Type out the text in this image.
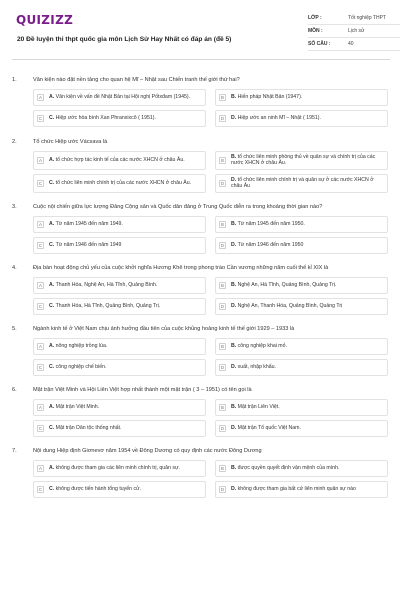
QUIZIZZ
20 Đề luyện thi thpt quốc gia môn Lịch Sử Hay Nhất có đáp án (đề 5)
LỚP :	Tốt nghiệp THPT
MÔN :	Lịch sử
SỐ CÂU :	40
1.	Văn kiện nào đặt nền tảng cho quan hệ Mĩ – Nhật sau Chiến tranh thế giới thứ hai?
A	A. Văn kiện về vấn đề Nhật Bản tại Hội nghị Pốtxđam (1945).	B	B. Hiến pháp Nhật Bản (1947).
C	C. Hiệp ước hòa bình Xan Phranxixcô ( 1951).	D	D. Hiệp ước an ninh Mĩ – Nhật ( 1951).
2.	Tổ chức Hiệp ước Vácsava là
A	A. tổ chức hợp tác kinh tế của các nước XHCN ở châu Âu.	B
B. tổ chức liên minh phòng thủ về quân sự và chính trị của các nước XHCN ở châu Âu.
C	C. tổ chức liên minh chính trị của các nước XHCN ở châu Âu.	D
D. tổ chức liên minh chính trị và quân sự ở các nước XHCN ở châu Âu
3.	Cuộc nội chiến giữa lực lượng Đảng Cộng sản và Quốc dân đảng ở Trung Quốc diễn ra trong khoảng thời gian nào?
A	A. Từ năm 1945 đến năm 1949.	B	B. Từ năm 1945 đến năm 1950.
C	C. Từ năm 1946 đến năm 1949	D	D. Từ năm 1946 đến năm 1950
4.	Địa bàn hoạt động chủ yếu của cuộc khởi nghĩa Hương Khê trong phong trào Cần vương những năm cuối thế kỉ XIX là
A	A. Thanh Hóa, Nghệ An, Hà Tĩnh, Quảng Bình.	B	B. Nghệ An, Hà Tĩnh, Quảng Bình, Quảng Trị.
C	C. Thanh Hóa, Hà Tĩnh, Quảng Bình, Quảng Trị.	D	D. Nghệ An, Thanh Hóa, Quảng Bình, Quảng Trị
5.	Ngành kinh tế ở Việt Nam chịu ảnh hưởng đầu tiên của cuộc khủng hoảng kinh tế thế giới 1929 – 1933 là
A	A. nông nghiệp trồng lúa.	B	B. công nghiệp khai mỏ.
C	C. công nghiệp chế biến.	D	D. xuất, nhập khẩu.
6.	Mặt trận Việt Minh và Hội Liên Việt hợp nhất thành một mặt trận ( 3 – 1951) có tên gọi là
A	A. Mặt trận Việt Minh.	B	B. Mặt trận Liên Việt.
C	C. Mặt trận Dân tộc thống nhất.	D	D. Mặt trận Tổ quốc Việt Nam.
7.	Nội dung Hiệp định Giơnevơ năm 1954 về Đông Dương có quy định các nước Đông Dương
A	A. không được tham gia các liên minh chính trị, quân sự.	B	B. được quyền quyết định vận mệnh của mình.
C	C. không được tiến hành tổng tuyển cử.	D	D. không được tham gia bất cứ liên minh quân sự nào
